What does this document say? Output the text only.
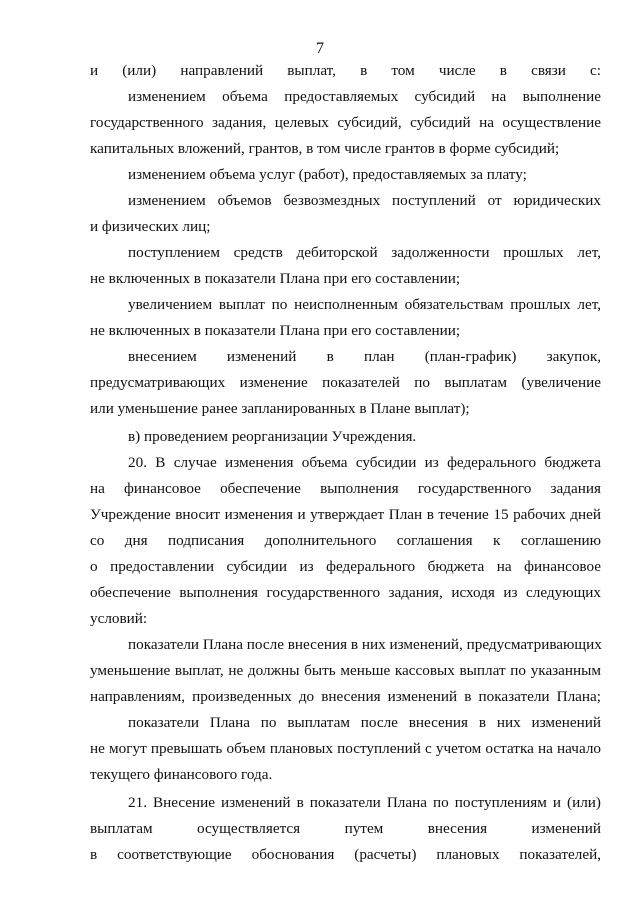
7
и (или) направлений выплат, в том числе в связи с:
изменением объема предоставляемых субсидий на выполнение
государственного задания, целевых субсидий, субсидий на осуществление
капитальных вложений, грантов, в том числе грантов в форме субсидий;
изменением объема услуг (работ), предоставляемых за плату;
изменением объемов безвозмездных поступлений от юридических
и физических лиц;
поступлением средств дебиторской задолженности прошлых лет,
не включенных в показатели Плана при его составлении;
увеличением выплат по неисполненным обязательствам прошлых лет,
не включенных в показатели Плана при его составлении;
внесением изменений в план (план-график) закупок,
предусматривающих изменение показателей по выплатам (увеличение
или уменьшение ранее запланированных в Плане выплат);
в) проведением реорганизации Учреждения.
20. В случае изменения объема субсидии из федерального бюджета
на финансовое обеспечение выполнения государственного задания
Учреждение вносит изменения и утверждает План в течение 15 рабочих дней
со дня подписания дополнительного соглашения к соглашению
о предоставлении субсидии из федерального бюджета на финансовое
обеспечение выполнения государственного задания, исходя из следующих
условий:
показатели Плана после внесения в них изменений, предусматривающих
уменьшение выплат, не должны быть меньше кассовых выплат по указанным
направлениям, произведенных до внесения изменений в показатели Плана;
показатели Плана по выплатам после внесения в них изменений
не могут превышать объем плановых поступлений с учетом остатка на начало
текущего финансового года.
21. Внесение изменений в показатели Плана по поступлениям и (или)
выплатам осуществляется путем внесения изменений
в соответствующие обоснования (расчеты) плановых показателей,
